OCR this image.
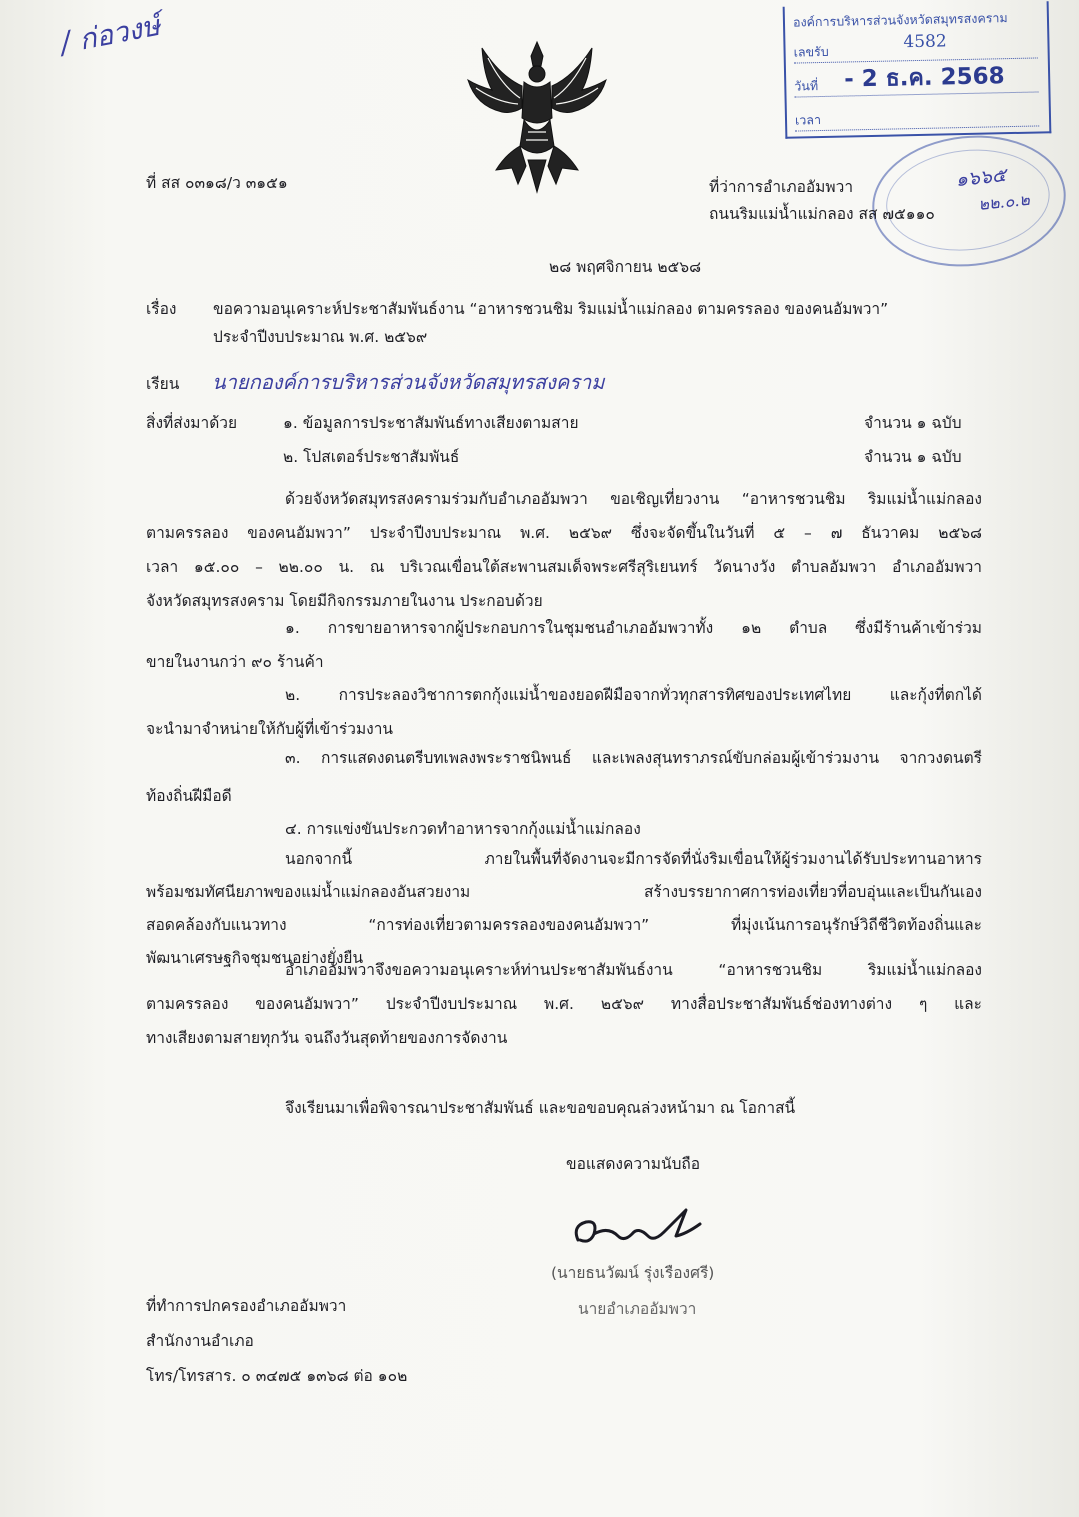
/ ก่อวงษ์	องค์การบริหารส่วนจังหวัดสมุทรสงคราม
เลขรับ	4582
วันที่ - 2 ธ.ค. 2568
เวลา
๑๖๖๕
๒๒.๐.๒
ที่ สส ๐๓๑๘/ว ๓๑๕๑	ที่ว่าการอำเภออัมพวา
ถนนริมแม่น้ำแม่กลอง สส ๗๕๑๑๐
๒๘ พฤศจิกายน ๒๕๖๘
เรื่อง ขอความอนุเคราะห์ประชาสัมพันธ์งาน “อาหารชวนชิม ริมแม่น้ำแม่กลอง ตามครรลอง ของคนอัมพวา”
ประจำปีงบประมาณ พ.ศ. ๒๕๖๙
เรียน นายกองค์การบริหารส่วนจังหวัดสมุทรสงคราม
สิ่งที่ส่งมาด้วย	๑. ข้อมูลการประชาสัมพันธ์ทางเสียงตามสาย	จำนวน ๑ ฉบับ
๒. โปสเตอร์ประชาสัมพันธ์	จำนวน ๑ ฉบับ

ด้วยจังหวัดสมุทรสงครามร่วมกับอำเภออัมพวา ขอเชิญเที่ยวงาน “อาหารชวนชิม ริมแม่น้ำแม่กลอง

ตามครรลอง ของคนอัมพวา” ประจำปีงบประมาณ พ.ศ. ๒๕๖๙ ซึ่งจะจัดขึ้นในวันที่ ๕ – ๗ ธันวาคม ๒๕๖๘

เวลา ๑๕.๐๐ – ๒๒.๐๐ น. ณ บริเวณเขื่อนใต้สะพานสมเด็จพระศรีสุริเยนทร์ วัดนางวัง ตำบลอัมพวา อำเภออัมพวา

จังหวัดสมุทรสงคราม โดยมีกิจกรรมภายในงาน ประกอบด้วย

๑. การขายอาหารจากผู้ประกอบการในชุมชนอำเภออัมพวาทั้ง ๑๒ ตำบล ซึ่งมีร้านค้าเข้าร่วม

ขายในงานกว่า ๙๐ ร้านค้า

๒. การประลองวิชาการตกกุ้งแม่น้ำของยอดฝีมือจากทั่วทุกสารทิศของประเทศไทย และกุ้งที่ตกได้

จะนำมาจำหน่ายให้กับผู้ที่เข้าร่วมงาน

๓. การแสดงดนตรีบทเพลงพระราชนิพนธ์ และเพลงสุนทราภรณ์ขับกล่อมผู้เข้าร่วมงาน จากวงดนตรี

ท้องถิ่นฝีมือดี

๔. การแข่งขันประกวดทำอาหารจากกุ้งแม่น้ำแม่กลอง

นอกจากนี้ ภายในพื้นที่จัดงานจะมีการจัดที่นั่งริมเขื่อนให้ผู้ร่วมงานได้รับประทานอาหาร

พร้อมชมทัศนียภาพของแม่น้ำแม่กลองอันสวยงาม สร้างบรรยากาศการท่องเที่ยวที่อบอุ่นและเป็นกันเอง

สอดคล้องกับแนวทาง “การท่องเที่ยวตามครรลองของคนอัมพวา” ที่มุ่งเน้นการอนุรักษ์วิถีชีวิตท้องถิ่นและ

พัฒนาเศรษฐกิจชุมชนอย่างยั่งยืน

อำเภออัมพวาจึงขอความอนุเคราะห์ท่านประชาสัมพันธ์งาน “อาหารชวนชิม ริมแม่น้ำแม่กลอง

ตามครรลอง ของคนอัมพวา” ประจำปีงบประมาณ พ.ศ. ๒๕๖๙ ทางสื่อประชาสัมพันธ์ช่องทางต่าง ๆ และ

ทางเสียงตามสายทุกวัน จนถึงวันสุดท้ายของการจัดงาน

จึงเรียนมาเพื่อพิจารณาประชาสัมพันธ์ และขอขอบคุณล่วงหน้ามา ณ โอกาสนี้
ขอแสดงความนับถือ
(นายธนวัฒน์ รุ่งเรืองศรี)
นายอำเภออัมพวา
ที่ทำการปกครองอำเภออัมพวา
สำนักงานอำเภอ
โทร/โทรสาร. ๐ ๓๔๗๕ ๑๓๖๘ ต่อ ๑๐๒
